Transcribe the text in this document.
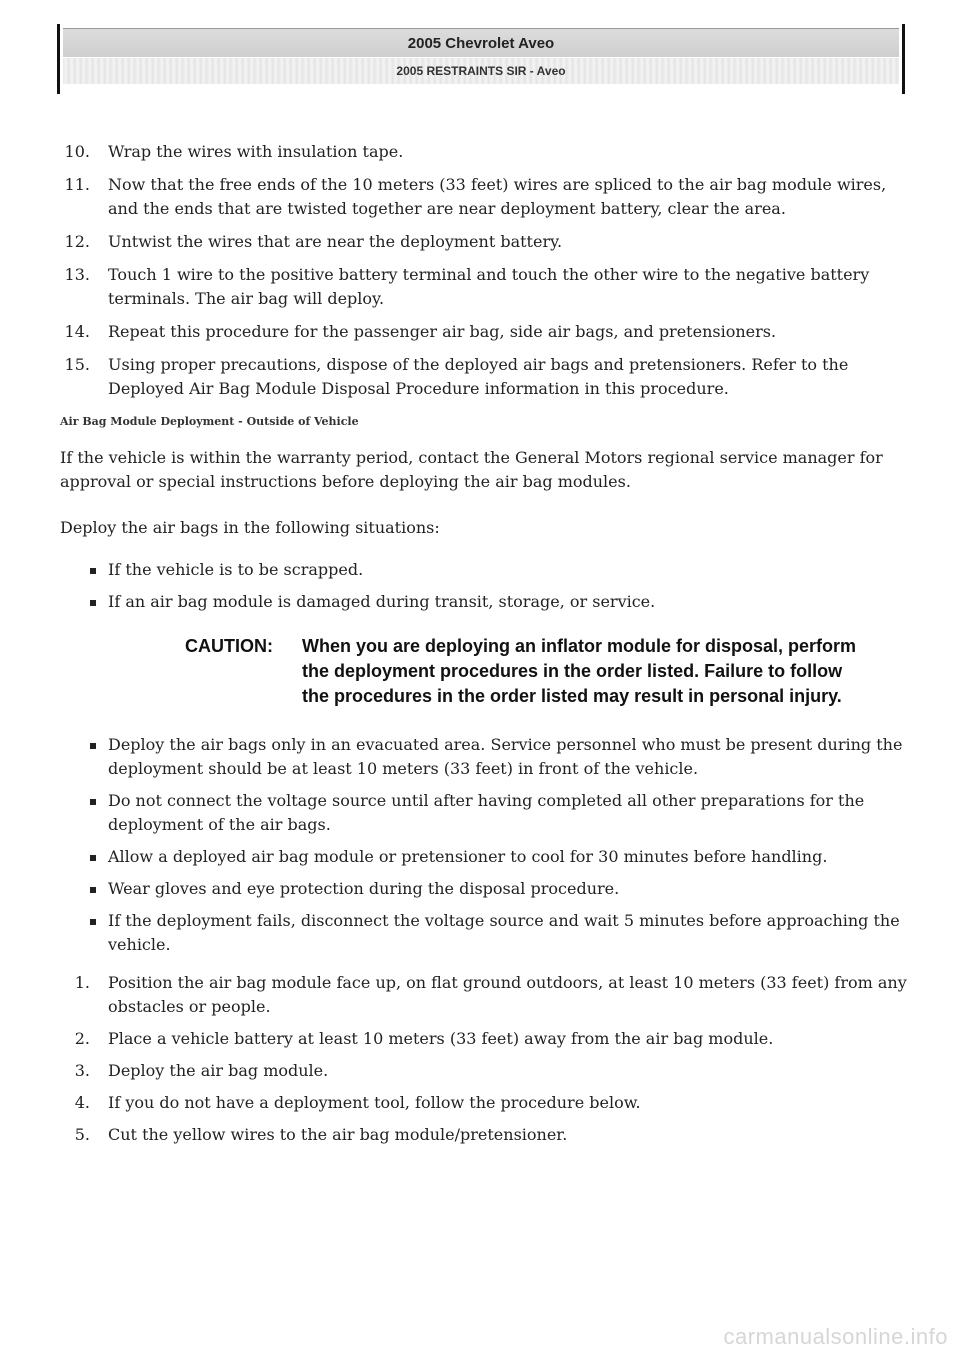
2005 Chevrolet Aveo
2005 RESTRAINTS SIR - Aveo
10. Wrap the wires with insulation tape.
11. Now that the free ends of the 10 meters (33 feet) wires are spliced to the air bag module wires, and the ends that are twisted together are near deployment battery, clear the area.
12. Untwist the wires that are near the deployment battery.
13. Touch 1 wire to the positive battery terminal and touch the other wire to the negative battery terminals. The air bag will deploy.
14. Repeat this procedure for the passenger air bag, side air bags, and pretensioners.
15. Using proper precautions, dispose of the deployed air bags and pretensioners. Refer to the Deployed Air Bag Module Disposal Procedure information in this procedure.
Air Bag Module Deployment - Outside of Vehicle
If the vehicle is within the warranty period, contact the General Motors regional service manager for approval or special instructions before deploying the air bag modules.
Deploy the air bags in the following situations:
If the vehicle is to be scrapped.
If an air bag module is damaged during transit, storage, or service.
CAUTION:	When you are deploying an inflator module for disposal, perform the deployment procedures in the order listed. Failure to follow the procedures in the order listed may result in personal injury.
Deploy the air bags only in an evacuated area. Service personnel who must be present during the deployment should be at least 10 meters (33 feet) in front of the vehicle.
Do not connect the voltage source until after having completed all other preparations for the deployment of the air bags.
Allow a deployed air bag module or pretensioner to cool for 30 minutes before handling.
Wear gloves and eye protection during the disposal procedure.
If the deployment fails, disconnect the voltage source and wait 5 minutes before approaching the vehicle.
1. Position the air bag module face up, on flat ground outdoors, at least 10 meters (33 feet) from any obstacles or people.
2. Place a vehicle battery at least 10 meters (33 feet) away from the air bag module.
3. Deploy the air bag module.
4. If you do not have a deployment tool, follow the procedure below.
5. Cut the yellow wires to the air bag module/pretensioner.
carmanualsonline.info
